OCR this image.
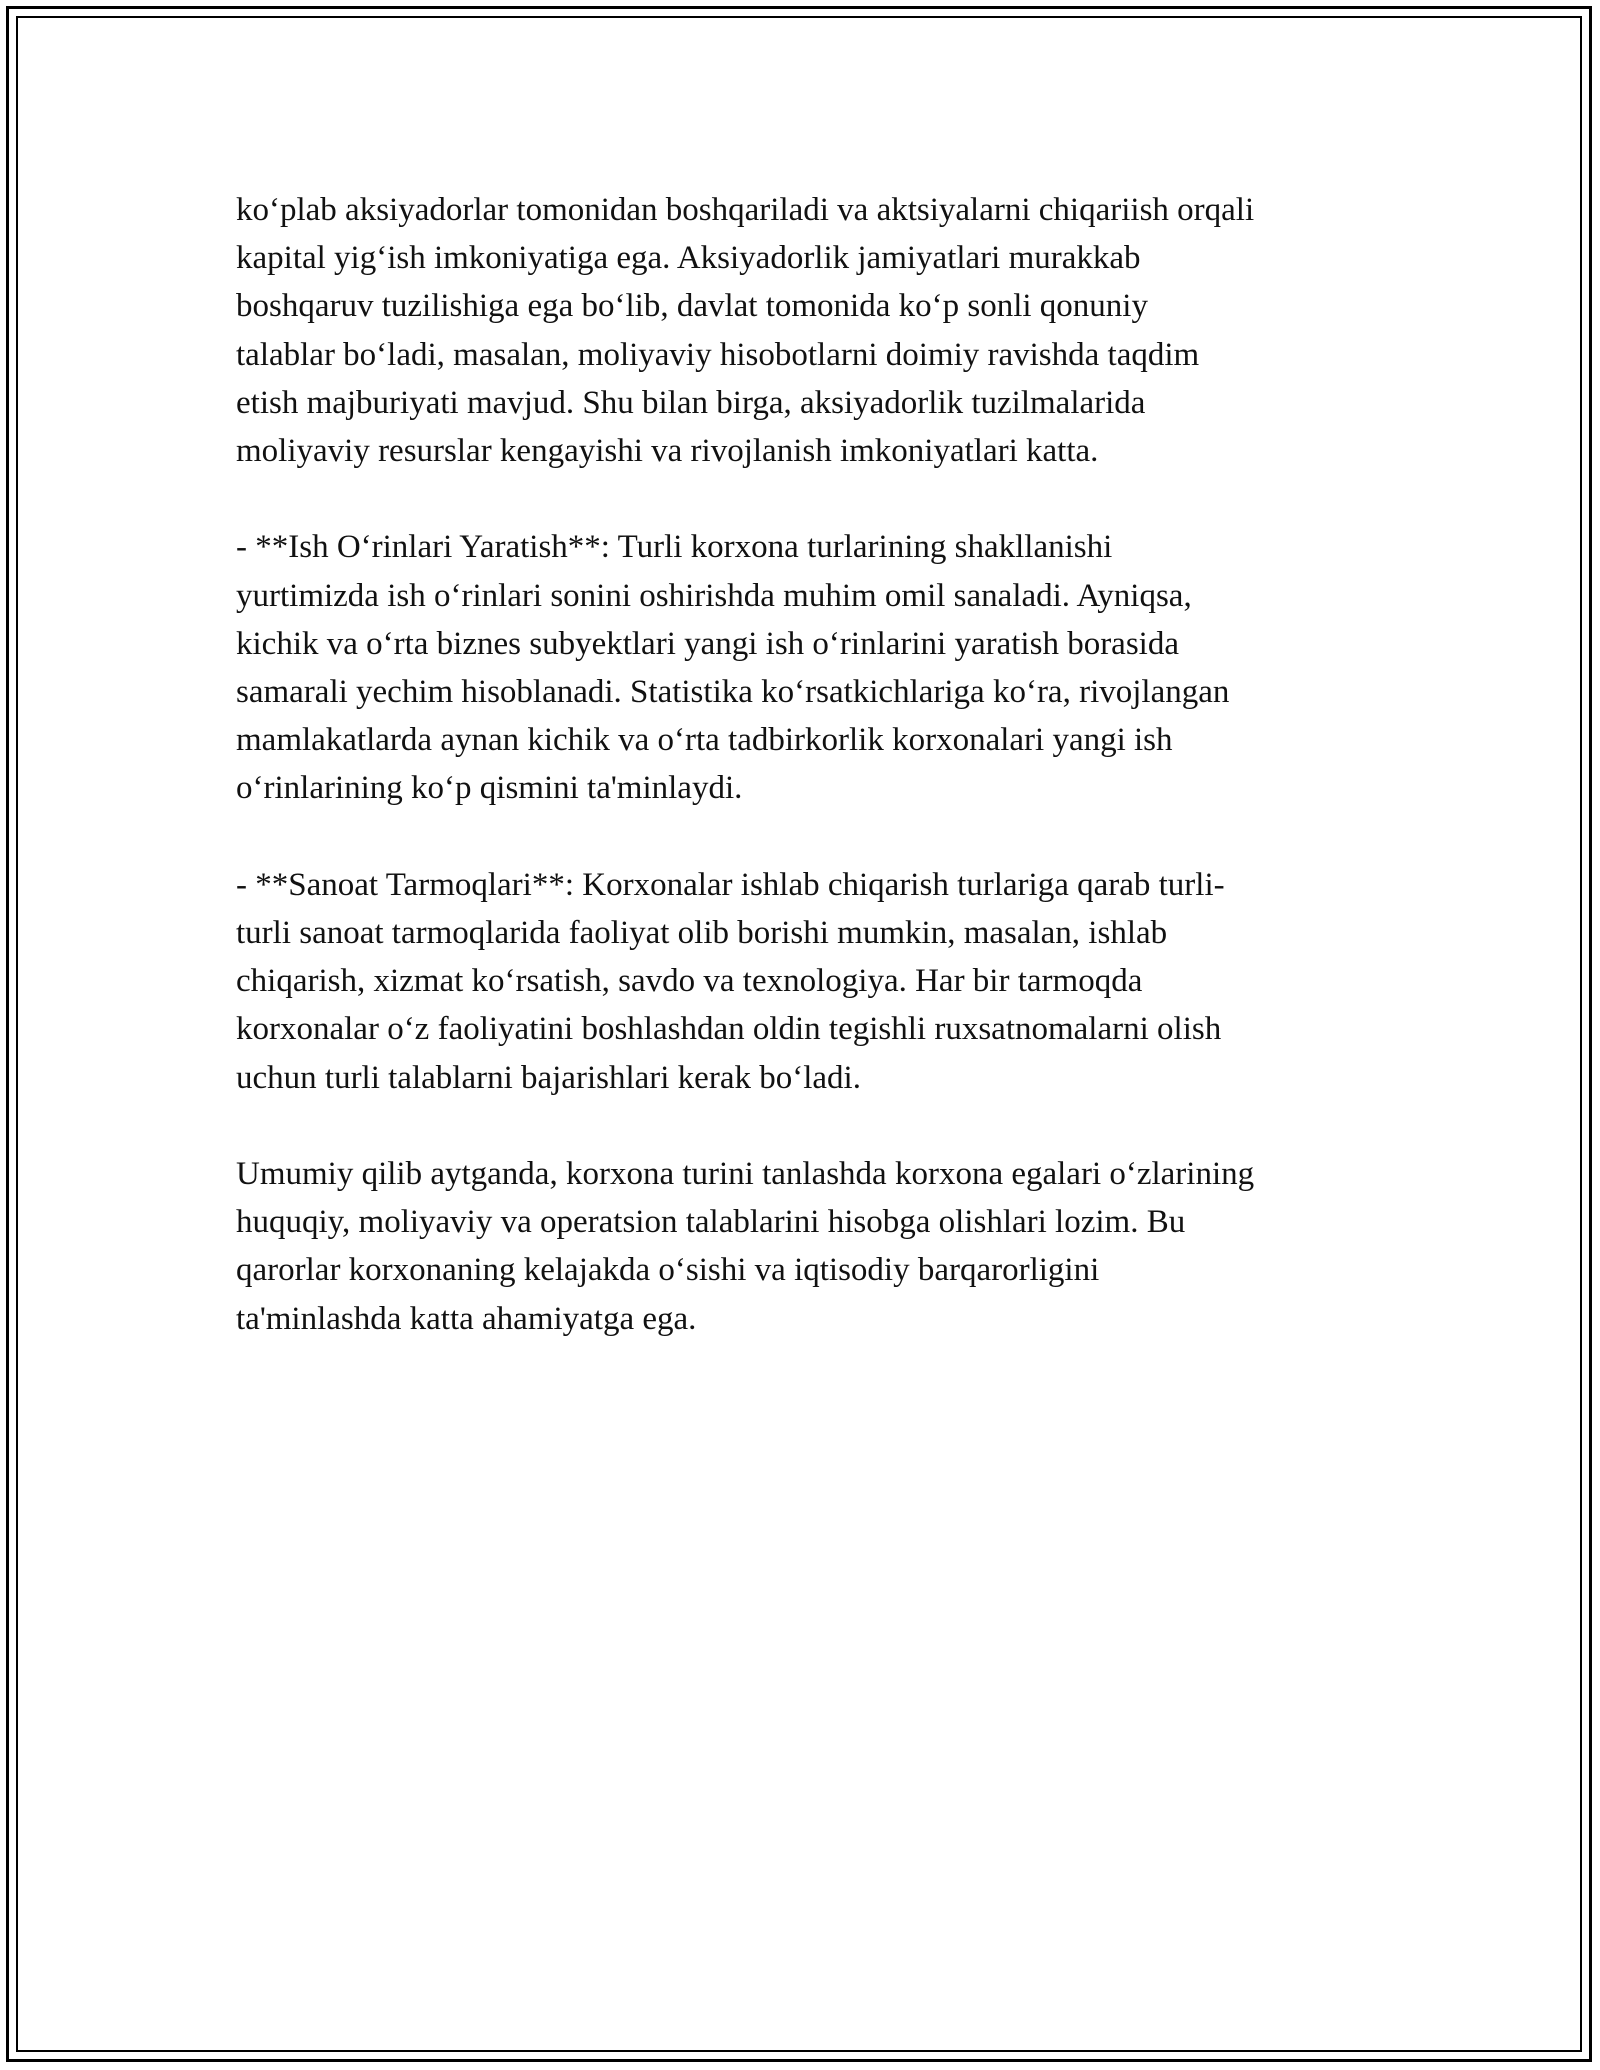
ko‘plab aksiyadorlar tomonidan boshqariladi va aktsiyalarni chiqariish orqali
kapital yig‘ish imkoniyatiga ega. Aksiyadorlik jamiyatlari murakkab
boshqaruv tuzilishiga ega bo‘lib, davlat tomonida ko‘p sonli qonuniy
talablar bo‘ladi, masalan, moliyaviy hisobotlarni doimiy ravishda taqdim
etish majburiyati mavjud. Shu bilan birga, aksiyadorlik tuzilmalarida
moliyaviy resurslar kengayishi va rivojlanish imkoniyatlari katta.
- **Ish O‘rinlari Yaratish**: Turli korxona turlarining shakllanishi
yurtimizda ish o‘rinlari sonini oshirishda muhim omil sanaladi. Ayniqsa,
kichik va o‘rta biznes subyektlari yangi ish o‘rinlarini yaratish borasida
samarali yechim hisoblanadi. Statistika ko‘rsatkichlariga ko‘ra, rivojlangan
mamlakatlarda aynan kichik va o‘rta tadbirkorlik korxonalari yangi ish
o‘rinlarining ko‘p qismini ta'minlaydi.
- **Sanoat Tarmoqlari**: Korxonalar ishlab chiqarish turlariga qarab turli-
turli sanoat tarmoqlarida faoliyat olib borishi mumkin, masalan, ishlab
chiqarish, xizmat ko‘rsatish, savdo va texnologiya. Har bir tarmoqda
korxonalar o‘z faoliyatini boshlashdan oldin tegishli ruxsatnomalarni olish
uchun turli talablarni bajarishlari kerak bo‘ladi.
Umumiy qilib aytganda, korxona turini tanlashda korxona egalari o‘zlarining
huquqiy, moliyaviy va operatsion talablarini hisobga olishlari lozim. Bu
qarorlar korxonaning kelajakda o‘sishi va iqtisodiy barqarorligini
ta'minlashda katta ahamiyatga ega.
